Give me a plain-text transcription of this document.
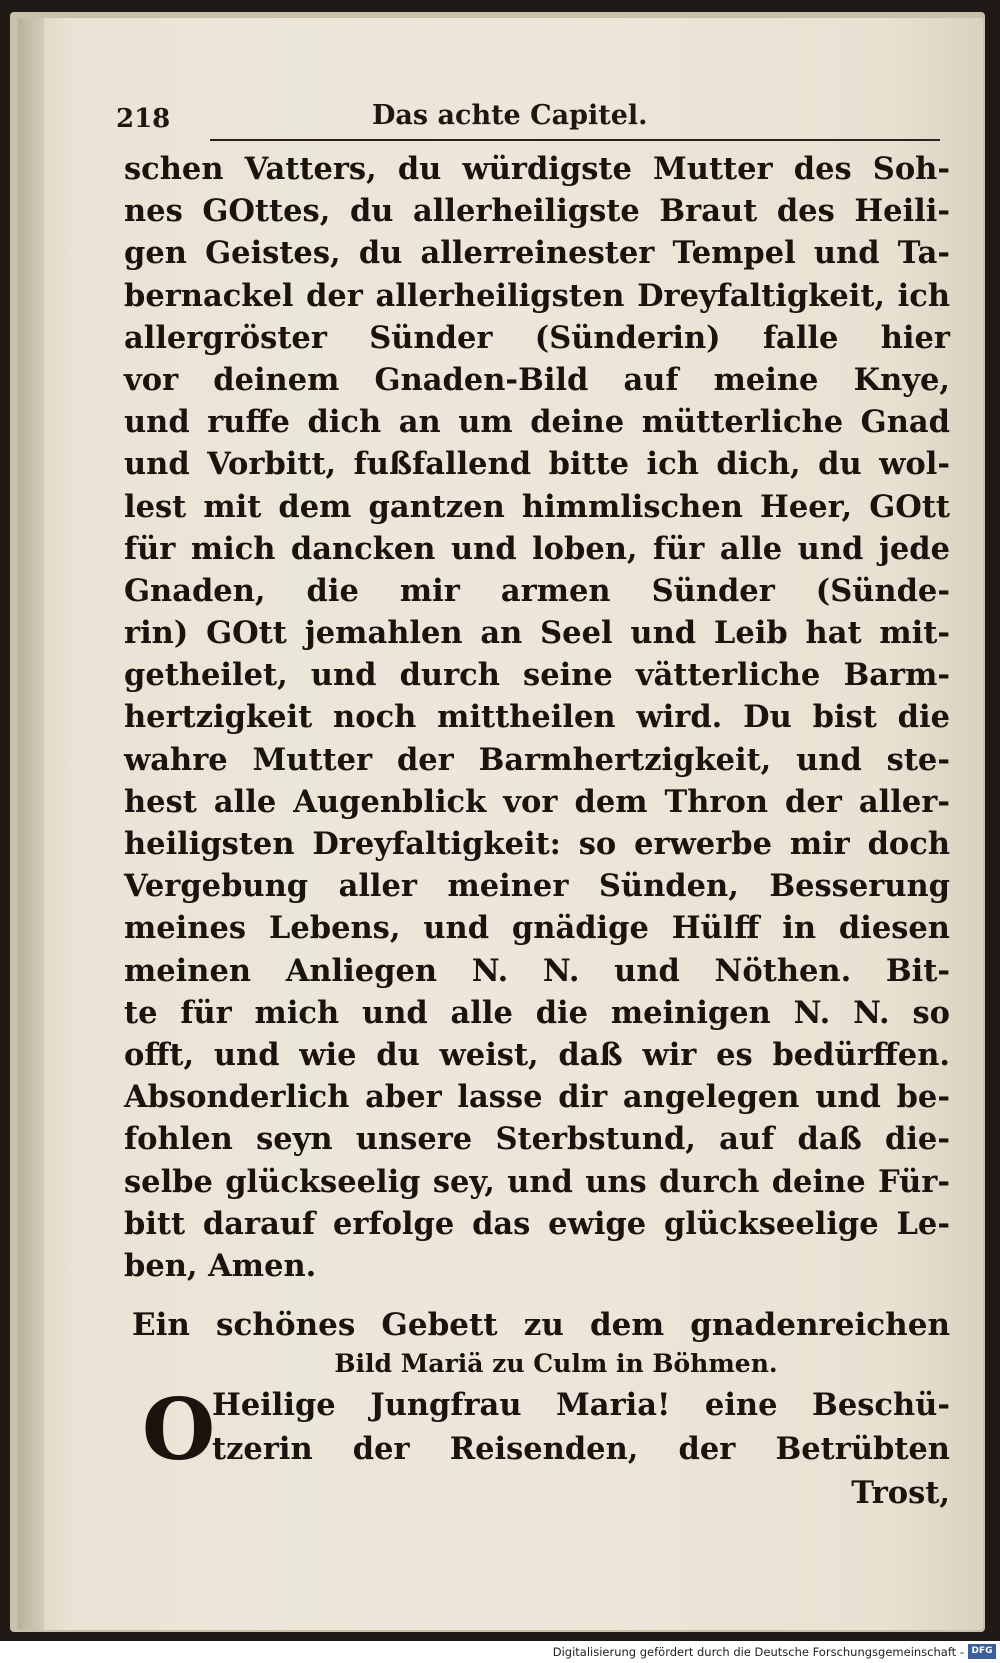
218	Das achte Capitel.
schen Vatters, du würdigste Mutter des Soh-
nes GOttes, du allerheiligste Braut des Heili-
gen Geistes, du allerreinester Tempel und Ta-
bernackel der allerheiligsten Dreyfaltigkeit, ich
allergröster Sünder (Sünderin) falle hier
vor deinem Gnaden-Bild auf meine Knye,
und ruffe dich an um deine mütterliche Gnad
und Vorbitt, fußfallend bitte ich dich, du wol-
lest mit dem gantzen himmlischen Heer, GOtt
für mich dancken und loben, für alle und jede
Gnaden, die mir armen Sünder (Sünde-
rin) GOtt jemahlen an Seel und Leib hat mit-
getheilet, und durch seine vätterliche Barm-
hertzigkeit noch mittheilen wird. Du bist die
wahre Mutter der Barmhertzigkeit, und ste-
hest alle Augenblick vor dem Thron der aller-
heiligsten Dreyfaltigkeit: so erwerbe mir doch
Vergebung aller meiner Sünden, Besserung
meines Lebens, und gnädige Hülff in diesen
meinen Anliegen N. N. und Nöthen. Bit-
te für mich und alle die meinigen N. N. so
offt, und wie du weist, daß wir es bedürffen.
Absonderlich aber lasse dir angelegen und be-
fohlen seyn unsere Sterbstund, auf daß die-
selbe glückseelig sey, und uns durch deine Für-
bitt darauf erfolge das ewige glückseelige Le-
ben, Amen.
Ein schönes Gebett zu dem gnadenreichen
Bild Mariä zu Culm in Böhmen.
O
Heilige Jungfrau Maria! eine Beschü-
tzerin der Reisenden, der Betrübten
Trost,
Digitalisierung gefördert durch die Deutsche Forschungsgemeinschaft - DFG
